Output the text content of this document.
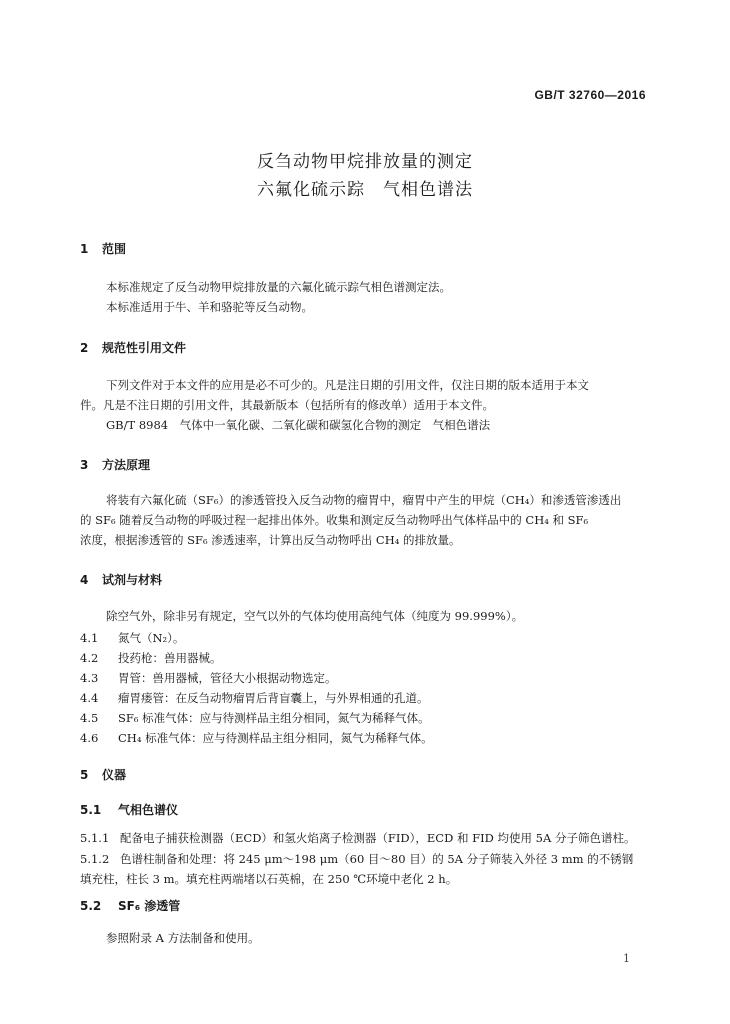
GB/T 32760—2016
反刍动物甲烷排放量的测定
六氟化硫示踪　气相色谱法
1 范围
本标准规定了反刍动物甲烷排放量的六氟化硫示踪气相色谱测定法。
本标准适用于牛、羊和骆驼等反刍动物。
2 规范性引用文件
下列文件对于本文件的应用是必不可少的。凡是注日期的引用文件，仅注日期的版本适用于本文
件。凡是不注日期的引用文件，其最新版本（包括所有的修改单）适用于本文件。
GB/T 8984　气体中一氧化碳、二氧化碳和碳氢化合物的测定　气相色谱法
3 方法原理
将装有六氟化硫（SF₆）的渗透管投入反刍动物的瘤胃中，瘤胃中产生的甲烷（CH₄）和渗透管渗透出
的 SF₆ 随着反刍动物的呼吸过程一起排出体外。收集和测定反刍动物呼出气体样品中的 CH₄ 和 SF₆
浓度，根据渗透管的 SF₆ 渗透速率，计算出反刍动物呼出 CH₄ 的排放量。
4 试剂与材料
除空气外，除非另有规定，空气以外的气体均使用高纯气体（纯度为 99.999%）。
4.1 氮气（N₂）。
4.2 投药枪：兽用器械。
4.3 胃管：兽用器械，管径大小根据动物选定。
4.4 瘤胃瘘管：在反刍动物瘤胃后背盲囊上，与外界相通的孔道。
4.5 SF₆ 标准气体：应与待测样品主组分相同，氮气为稀释气体。
4.6 CH₄ 标准气体：应与待测样品主组分相同，氮气为稀释气体。
5 仪器
5.1 气相色谱仪
5.1.1 配备电子捕获检测器（ECD）和氢火焰离子检测器（FID），ECD 和 FID 均使用 5A 分子筛色谱柱。
5.1.2 色谱柱制备和处理：将 245 μm～198 μm（60 目～80 目）的 5A 分子筛装入外径 3 mm 的不锈钢
填充柱，柱长 3 m。填充柱两端堵以石英棉，在 250 ℃环境中老化 2 h。
5.2 SF₆ 渗透管
参照附录 A 方法制备和使用。
1
